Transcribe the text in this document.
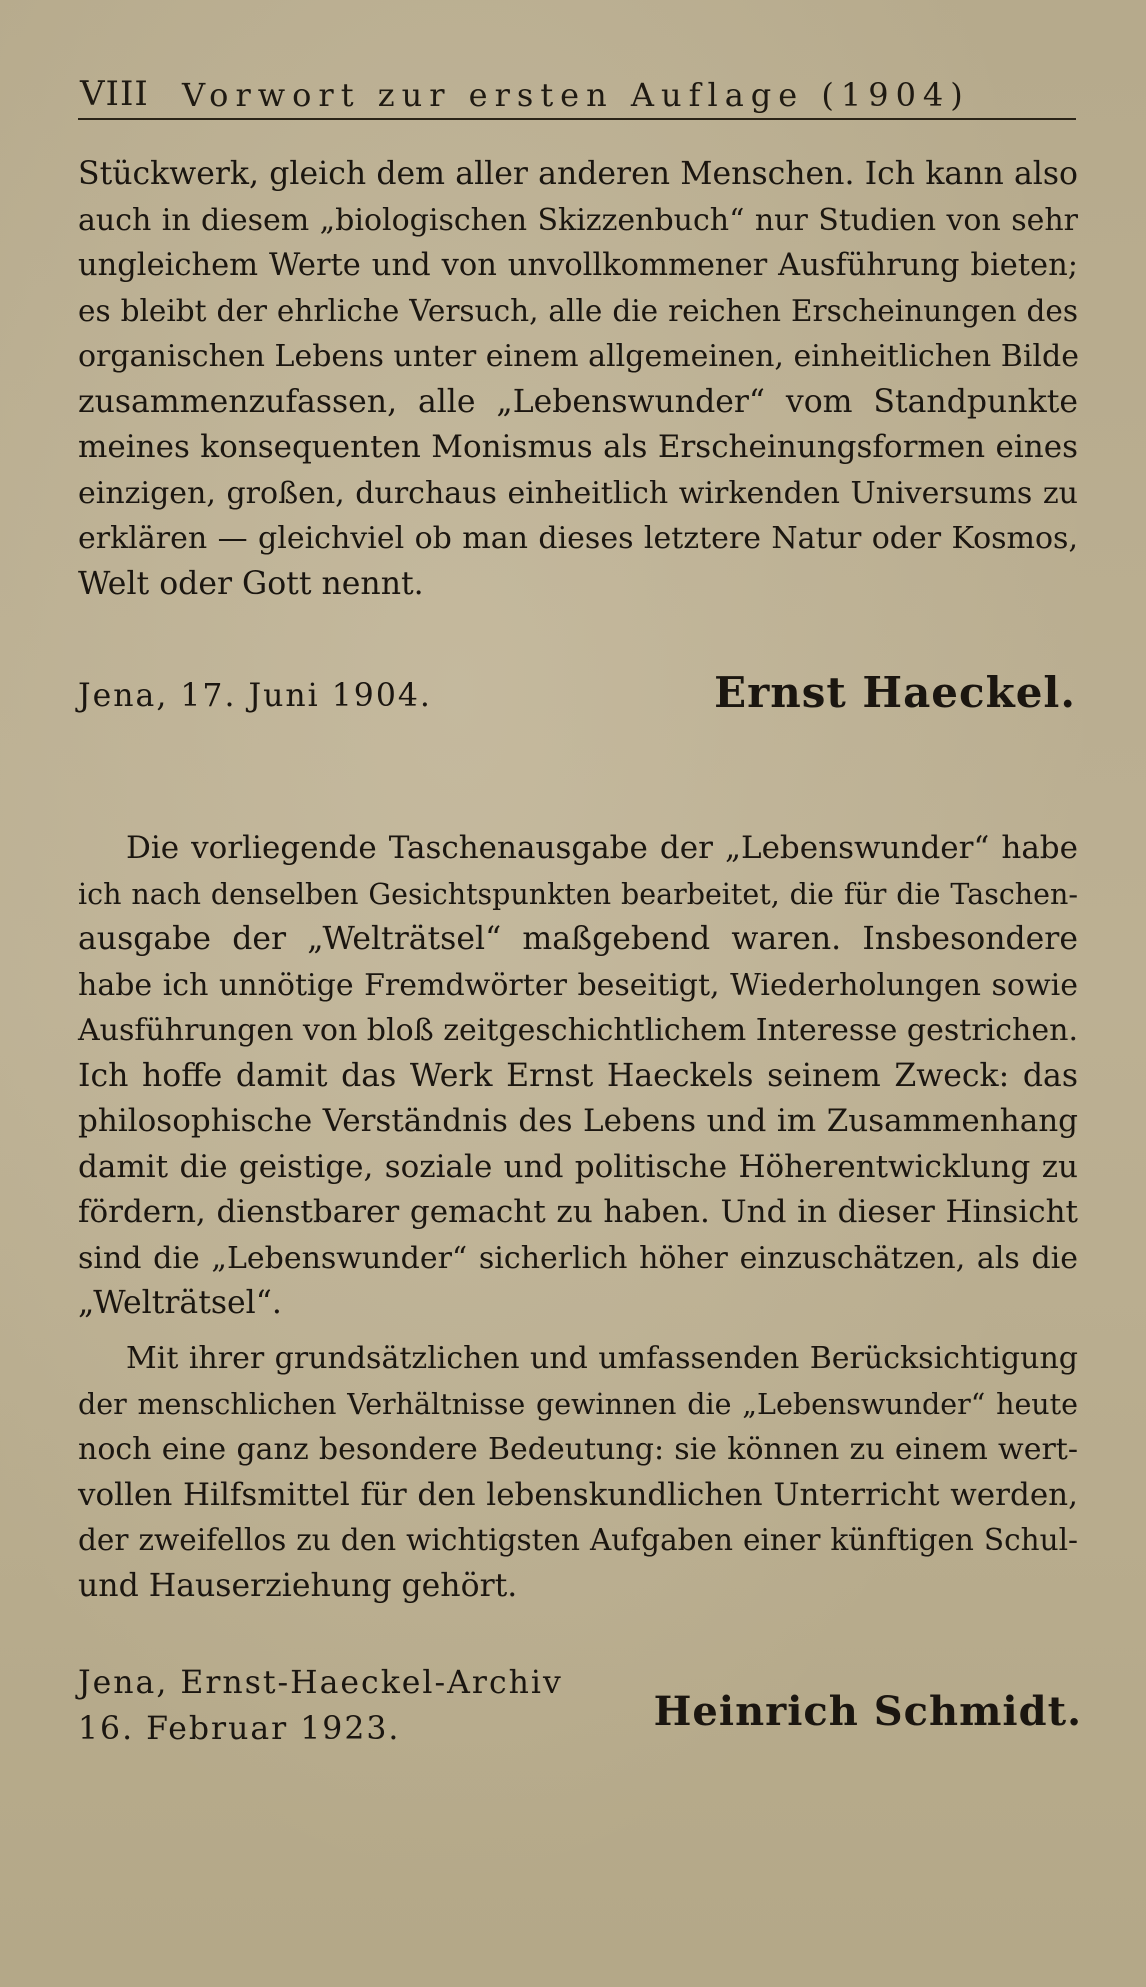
VIII Vorwort zur ersten Auflage (1904)
Stückwerk, gleich dem aller anderen Menschen. Ich kann also
auch in diesem „biologischen Skizzenbuch“ nur Studien von sehr
ungleichem Werte und von unvollkommener Ausführung bieten;
es bleibt der ehrliche Versuch, alle die reichen Erscheinungen des
organischen Lebens unter einem allgemeinen, einheitlichen Bilde
zusammenzufassen, alle „Lebenswunder“ vom Standpunkte
meines konsequenten Monismus als Erscheinungsformen eines
einzigen, großen, durchaus einheitlich wirkenden Universums zu
erklären — gleichviel ob man dieses letztere Natur oder Kosmos,
Welt oder Gott nennt.
Jena, 17. Juni 1904.	Ernst Haeckel.
Die vorliegende Taschenausgabe der „Lebenswunder“ habe
ich nach denselben Gesichtspunkten bearbeitet, die für die Taschen-
ausgabe der „Welträtsel“ maßgebend waren. Insbesondere
habe ich unnötige Fremdwörter beseitigt, Wiederholungen sowie
Ausführungen von bloß zeitgeschichtlichem Interesse gestrichen.
Ich hoffe damit das Werk Ernst Haeckels seinem Zweck: das
philosophische Verständnis des Lebens und im Zusammenhang
damit die geistige, soziale und politische Höherentwicklung zu
fördern, dienstbarer gemacht zu haben. Und in dieser Hinsicht
sind die „Lebenswunder“ sicherlich höher einzuschätzen, als die
„Welträtsel“.
Mit ihrer grundsätzlichen und umfassenden Berücksichtigung
der menschlichen Verhältnisse gewinnen die „Lebenswunder“ heute
noch eine ganz besondere Bedeutung: sie können zu einem wert-
vollen Hilfsmittel für den lebenskundlichen Unterricht werden,
der zweifellos zu den wichtigsten Aufgaben einer künftigen Schul-
und Hauserziehung gehört.
Jena, Ernst-Haeckel-Archiv
16. Februar 1923.	Heinrich Schmidt.
